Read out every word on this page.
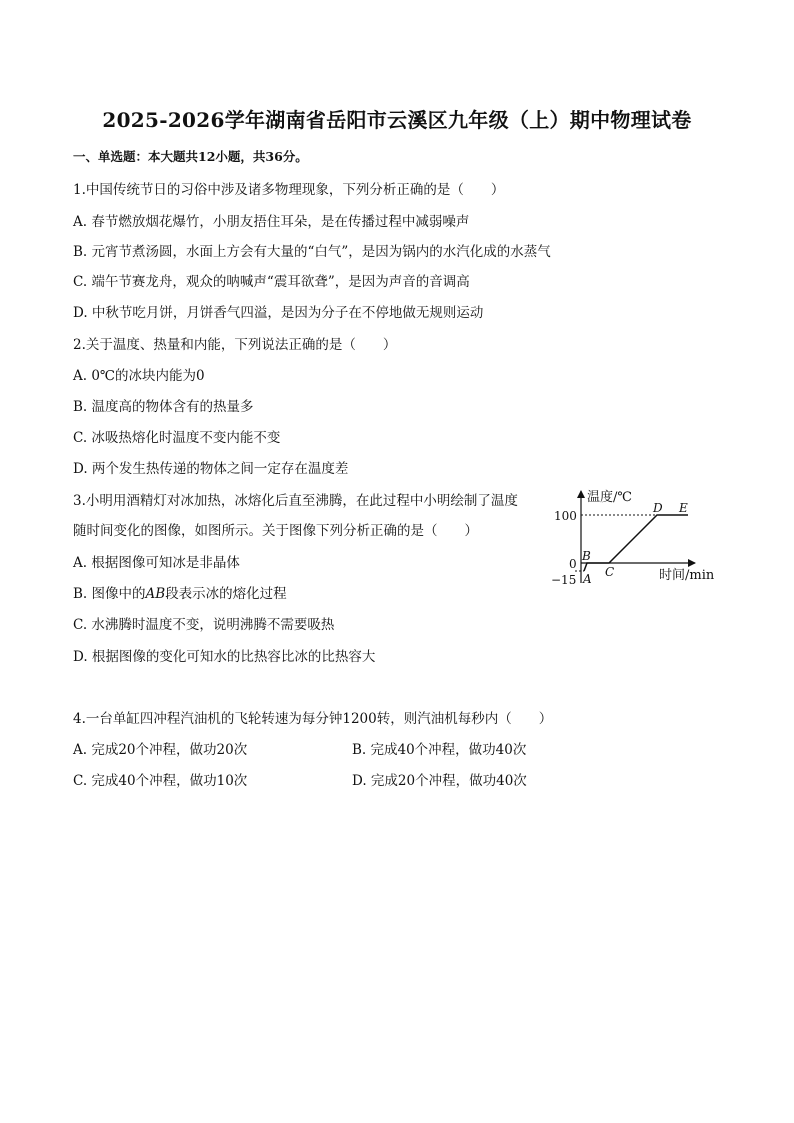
2025-2026学年湖南省岳阳市云溪区九年级（上）期中物理试卷
一、单选题：本大题共12小题，共36分。
1.中国传统节日的习俗中涉及诸多物理现象，下列分析正确的是（　　）
A. 春节燃放烟花爆竹，小朋友捂住耳朵，是在传播过程中减弱噪声
B. 元宵节煮汤圆，水面上方会有大量的“白气”，是因为锅内的水汽化成的水蒸气
C. 端午节赛龙舟，观众的呐喊声“震耳欲聋”，是因为声音的音调高
D. 中秋节吃月饼，月饼香气四溢，是因为分子在不停地做无规则运动
2.关于温度、热量和内能，下列说法正确的是（　　）
A. 0℃的冰块内能为0
B. 温度高的物体含有的热量多
C. 冰吸热熔化时温度不变内能不变
D. 两个发生热传递的物体之间一定存在温度差
3.小明用酒精灯对冰加热，冰熔化后直至沸腾，在此过程中小明绘制了温度
随时间变化的图像，如图所示。关于图像下列分析正确的是（　　）
A. 根据图像可知冰是非晶体
B. 图像中的AB段表示冰的熔化过程
C. 水沸腾时温度不变，说明沸腾不需要吸热
D. 根据图像的变化可知水的比热容比冰的比热容大
温度/℃
时间/min
100
0
−15 A
B
C
D E
4.一台单缸四冲程汽油机的飞轮转速为每分钟1200转，则汽油机每秒内（　　）
A. 完成20个冲程，做功20次	B. 完成40个冲程，做功40次
C. 完成40个冲程，做功10次	D. 完成20个冲程，做功40次
